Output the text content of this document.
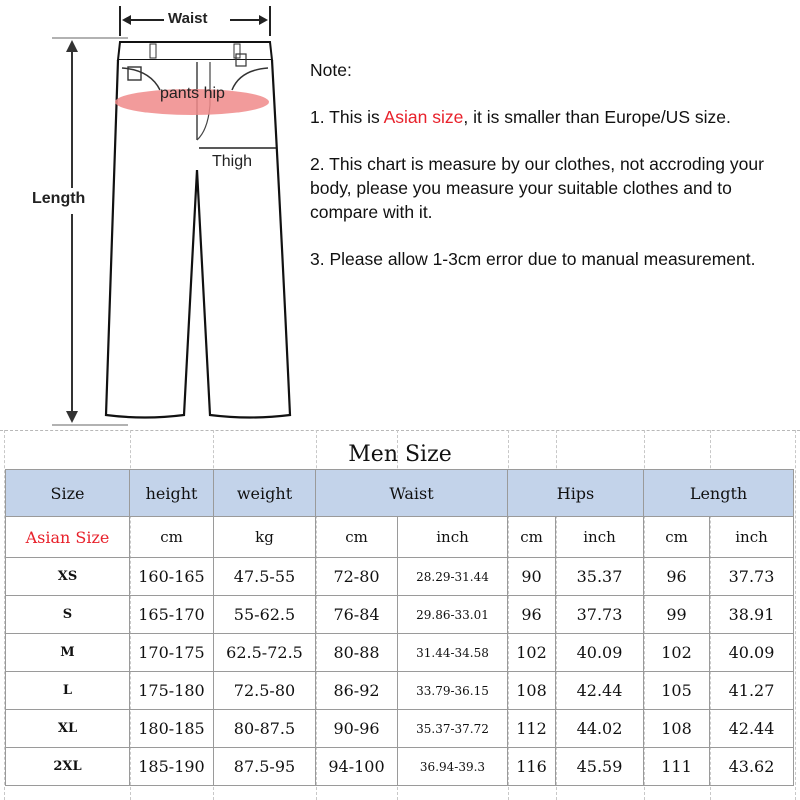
Waist
Length
pants hip
Thigh

Note:

1. This is Asian size, it is smaller than Europe/US size.

2. This chart is measure by our clothes, not accroding your body, please you measure your suitable clothes and to compare with it.

3. Please allow 1-3cm error due to manual measurement.

Men Size
Size	height	weight	Waist		Hips		Length	
Asian Size	cm	kg	cm	inch	cm	inch	cm	inch
XS	160-165	47.5-55	72-80	28.29-31.44	90	35.37	96	37.73
S	165-170	55-62.5	76-84	29.86-33.01	96	37.73	99	38.91
M	170-175	62.5-72.5	80-88	31.44-34.58	102	40.09	102	40.09
L	175-180	72.5-80	86-92	33.79-36.15	108	42.44	105	41.27
XL	180-185	80-87.5	90-96	35.37-37.72	112	44.02	108	42.44
2XL	185-190	87.5-95	94-100	36.94-39.3	116	45.59	111	43.62
